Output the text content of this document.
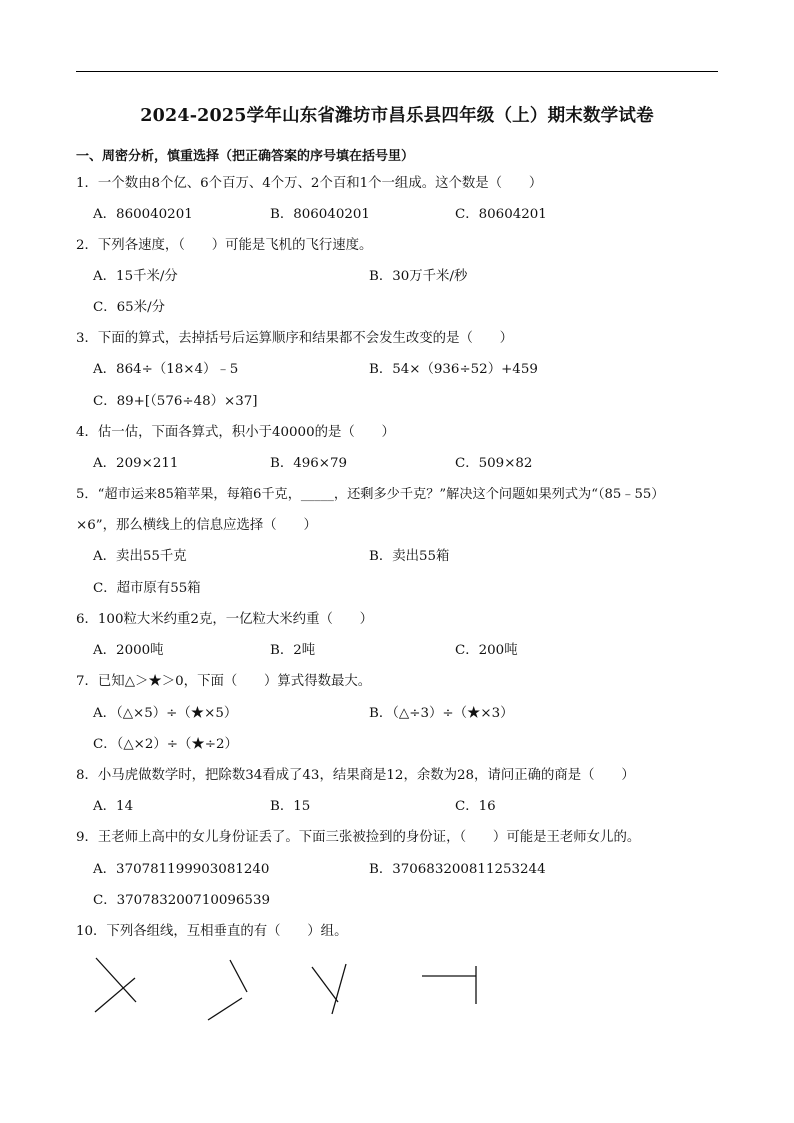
2024-2025学年山东省潍坊市昌乐县四年级（上）期末数学试卷
一、周密分析，慎重选择（把正确答案的序号填在括号里）
1．一个数由8个亿、6个百万、4个万、2个百和1个一组成。这个数是（　　）
A．860040201	B．806040201	C．80604201
2．下列各速度，（　　）可能是飞机的飞行速度。
A．15千米/分	B．30万千米/秒
C．65米/分
3．下面的算式，去掉括号后运算顺序和结果都不会发生改变的是（　　）
A．864÷（18×4）﹣5	B．54×（936÷52）+459
C．89+[（576÷48）×37]
4．估一估，下面各算式，积小于40000的是（　　）
A．209×211	B．496×79	C．509×82
5．“超市运来85箱苹果，每箱6千克，_____，还剩多少千克？”解决这个问题如果列式为“（85﹣55）
×6”，那么横线上的信息应选择（　　）
A．卖出55千克	B．卖出55箱
C．超市原有55箱
6．100粒大米约重2克，一亿粒大米约重（　　）
A．2000吨	B．2吨	C．200吨
7．已知△＞★＞0，下面（　　）算式得数最大。
A．（△×5）÷（★×5）	B．（△÷3）÷（★×3）
C．（△×2）÷（★÷2）
8．小马虎做数学时，把除数34看成了43，结果商是12，余数为28，请问正确的商是（　　）
A．14	B．15	C．16
9．王老师上高中的女儿身份证丢了。下面三张被捡到的身份证，（　　）可能是王老师女儿的。
A．370781199903081240	B．370683200811253244
C．370783200710096539
10．下列各组线，互相垂直的有（　　）组。
